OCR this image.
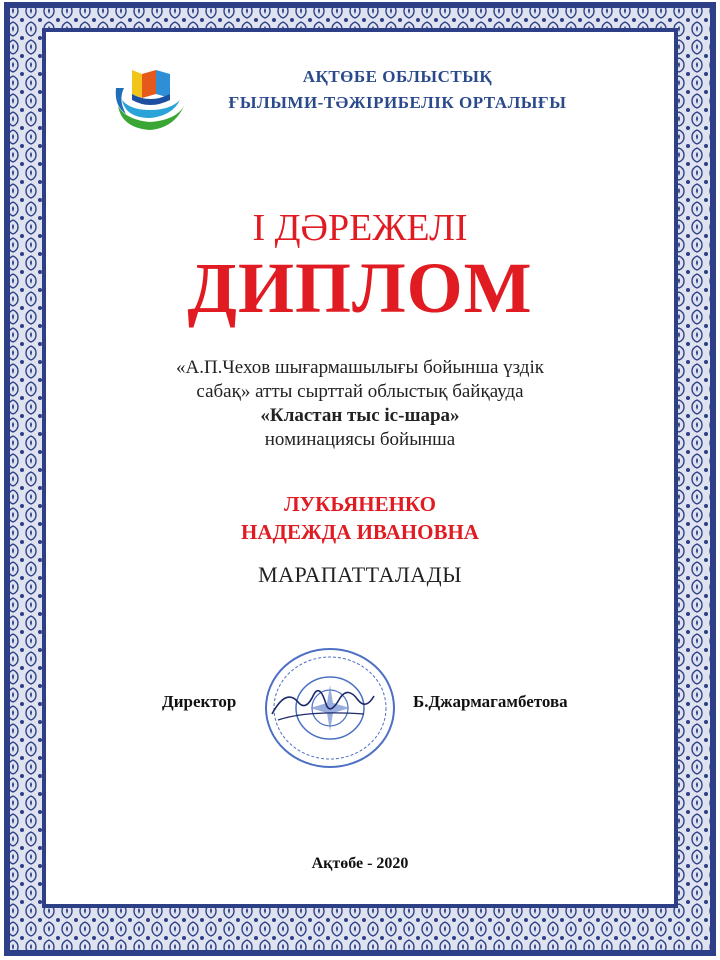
АҚТӨБЕ ОБЛЫСТЫҚ
ҒЫЛЫМИ-ТӘЖІРИБЕЛІК ОРТАЛЫҒЫ
І ДӘРЕЖЕЛІ
ДИПЛОМ
«А.П.Чехов шығармашылығы бойынша үздік
сабақ» атты сырттай облыстық байқауда
«Кластан тыс іс-шара»
номинациясы бойынша
ЛУКЬЯНЕНКО
НАДЕЖДА ИВАНОВНА
МАРАПАТТАЛАДЫ
Директор	Б.Джармагамбетова
Ақтөбе - 2020
